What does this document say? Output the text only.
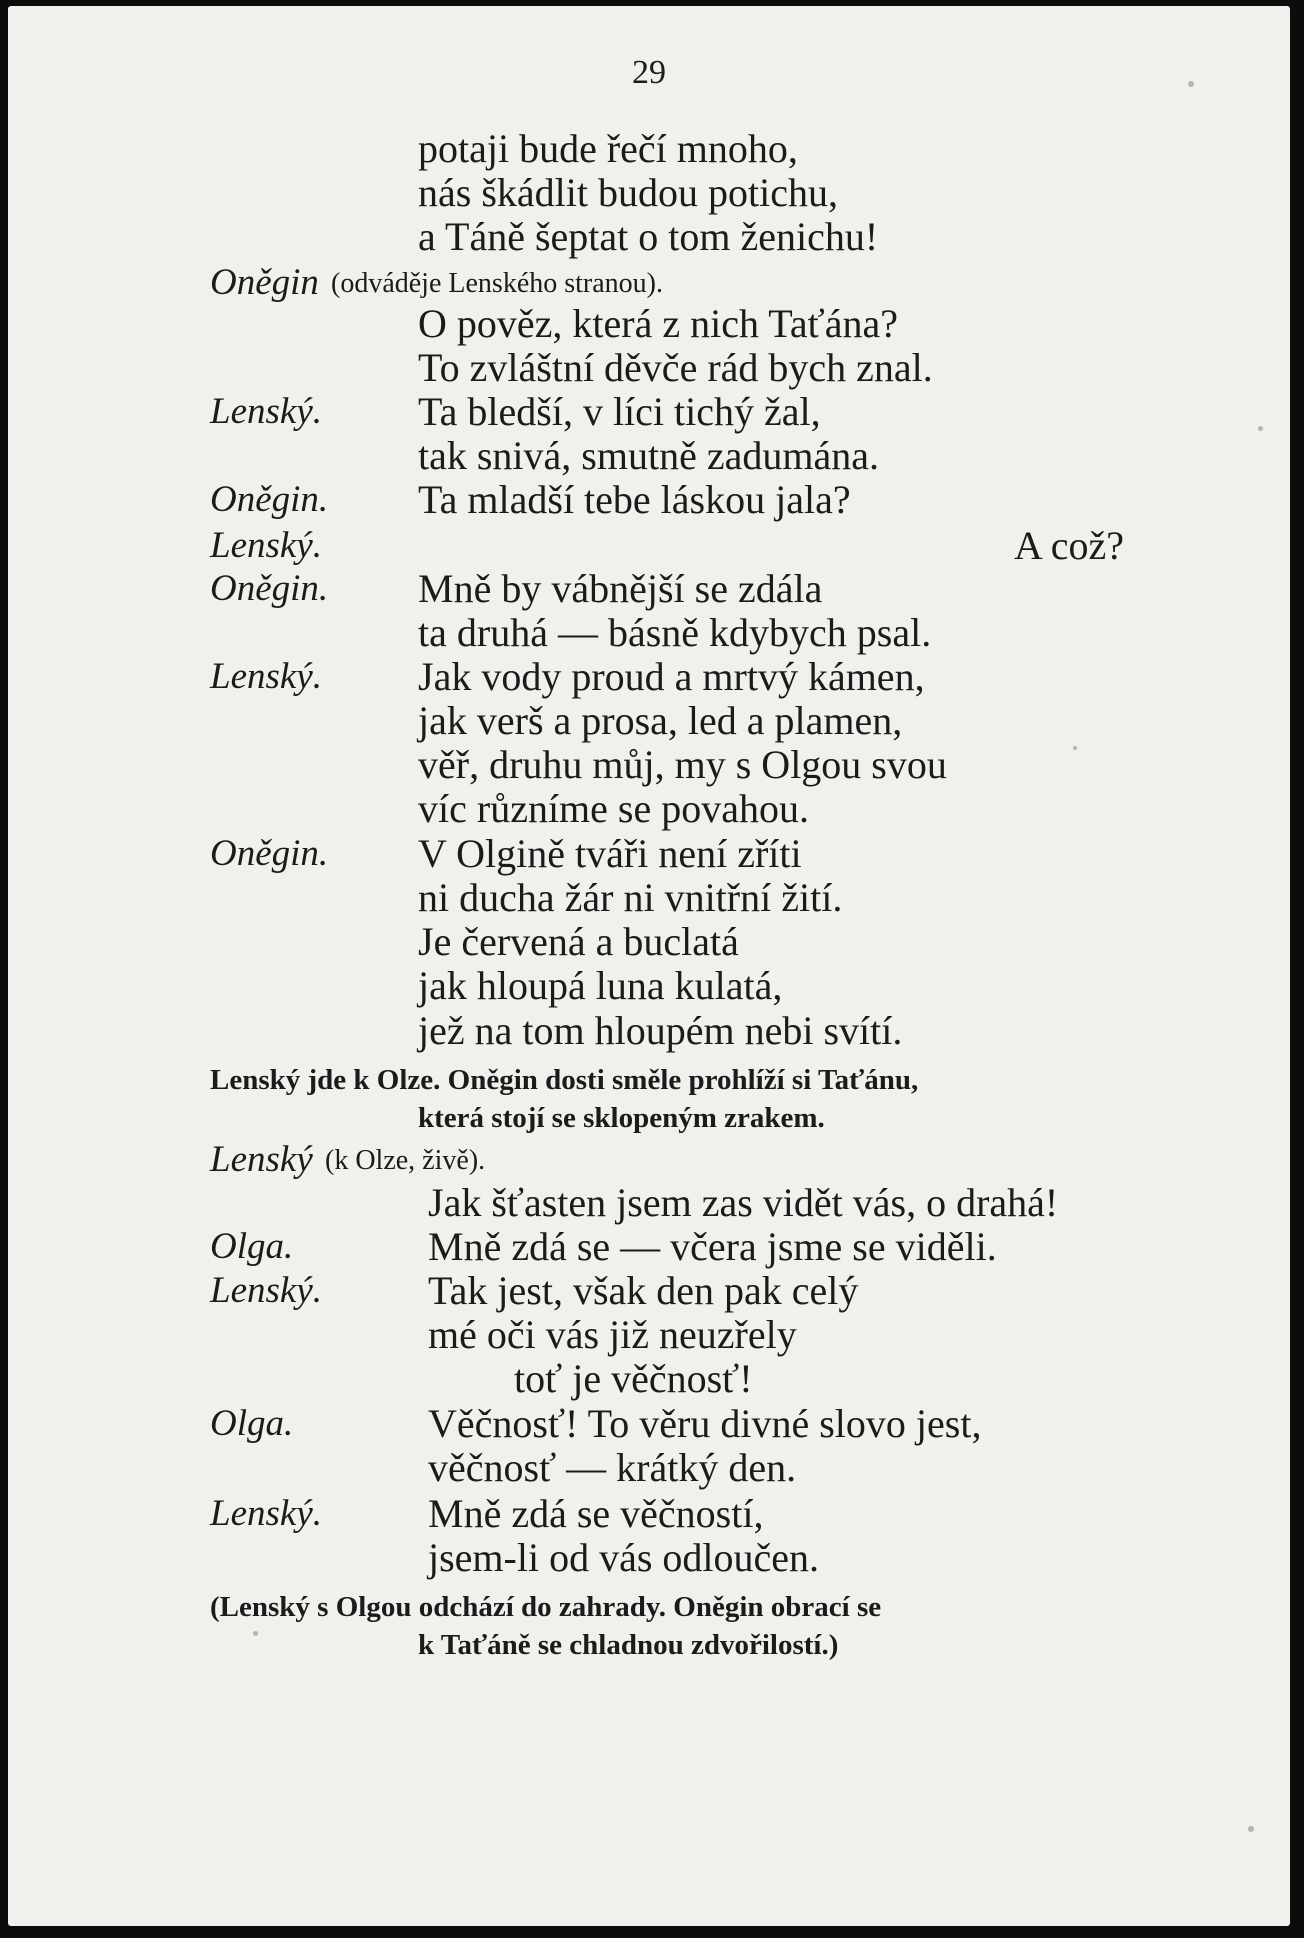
29
potaji bude řečí mnoho,
nás škádlit budou potichu,
a Táně šeptat o tom ženichu!
Oněgin (odváděje Lenského stranou).
O pověz, která z nich Taťána?
To zvláštní děvče rád bych znal.
Lenský. Ta bledší, v líci tichý žal,
tak snivá, smutně zadumána.
Oněgin. Ta mladší tebe láskou jala?
Lenský.	A což?
Oněgin. Mně by vábnější se zdála
ta druhá — básně kdybych psal.
Lenský. Jak vody proud a mrtvý kámen,
jak verš a prosa, led a plamen,
věř, druhu můj, my s Olgou svou
víc různíme se povahou.
Oněgin. V Olgině tváři není zříti
ni ducha žár ni vnitřní žití.
Je červená a buclatá
jak hloupá luna kulatá,
jež na tom hloupém nebi svítí.
Lenský jde k Olze. Oněgin dosti směle prohlíží si Taťánu,
která stojí se sklopeným zrakem.
Lenský (k Olze, živě).
Jak šťasten jsem zas vidět vás, o drahá!
Olga.	Mně zdá se — včera jsme se viděli.
Lenský.	Tak jest, však den pak celý
mé oči vás již neuzřely
toť je věčnosť!
Olga.	Věčnosť! To věru divné slovo jest,
věčnosť — krátký den.
Lenský.	Mně zdá se věčností,
jsem-li od vás odloučen.
(Lenský s Olgou odchází do zahrady. Oněgin obrací se
k Taťáně se chladnou zdvořilostí.)
